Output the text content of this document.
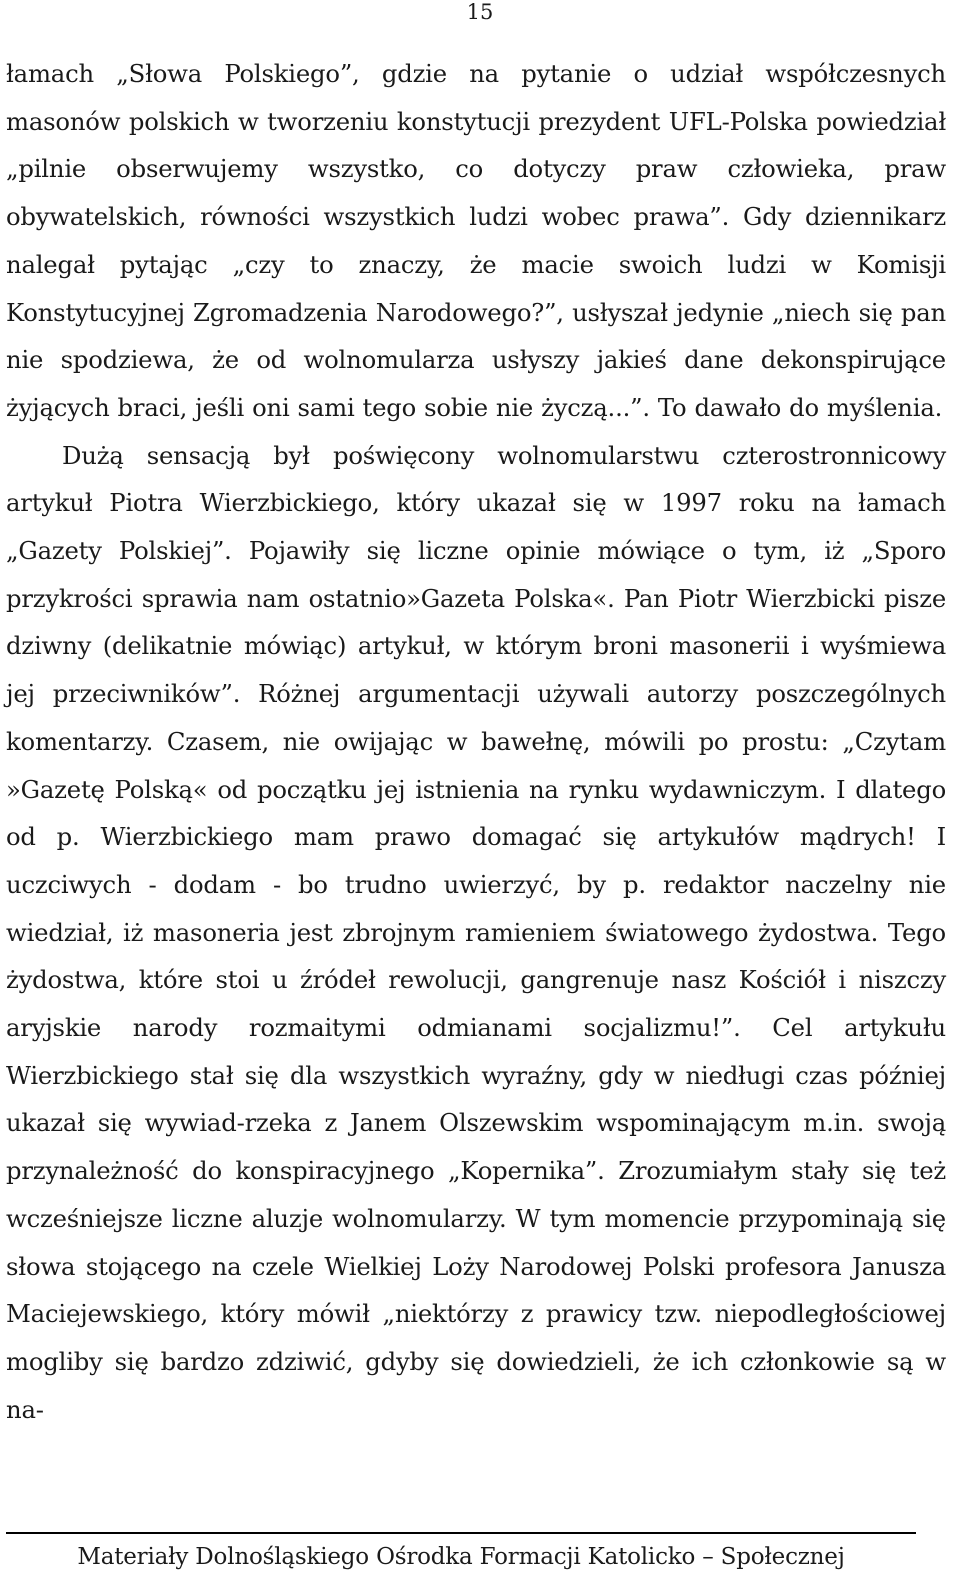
15

łamach „Słowa Polskiego”, gdzie na pytanie o udział współczesnych masonów polskich w tworzeniu konstytucji prezydent UFL-Polska powiedział „pilnie obserwujemy wszystko, co dotyczy praw człowieka, praw obywatelskich, równości wszystkich ludzi wobec prawa”. Gdy dziennikarz nalegał pytając „czy to znaczy, że macie swoich ludzi w Komisji Konstytucyjnej Zgromadzenia Narodowego?”, usłyszał jedynie „niech się pan nie spodziewa, że od wolnomularza usłyszy jakieś dane dekonspirujące żyjących braci, jeśli oni sami tego sobie nie życzą...”. To dawało do myślenia.

Dużą sensacją był poświęcony wolnomularstwu czterostronnicowy artykuł Piotra Wierzbickiego, który ukazał się w 1997 roku na łamach „Gazety Polskiej”. Pojawiły się liczne opinie mówiące o tym, iż „Sporo przykrości sprawia nam ostatnio»Gazeta Polska«. Pan Piotr Wierzbicki pisze dziwny (delikatnie mówiąc) artykuł, w którym broni masonerii i wyśmiewa jej przeciwników”. Różnej argumentacji używali autorzy poszczególnych komentarzy. Czasem, nie owijając w bawełnę, mówili po prostu: „Czytam »Gazetę Polską« od początku jej istnienia na rynku wydawniczym. I dlatego od p. Wierzbickiego mam prawo domagać się artykułów mądrych! I uczciwych - dodam - bo trudno uwierzyć, by p. redaktor naczelny nie wiedział, iż masoneria jest zbrojnym ramieniem światowego żydostwa. Tego żydostwa, które stoi u źródeł rewolucji, gangrenuje nasz Kościół i niszczy aryjskie narody rozmaitymi odmianami socjalizmu!”. Cel artykułu Wierzbickiego stał się dla wszystkich wyraźny, gdy w niedługi czas później ukazał się wywiad-rzeka z Janem Olszewskim wspominającym m.in. swoją przynależność do konspiracyjnego „Kopernika”. Zrozumiałym stały się też wcześniejsze liczne aluzje wolnomularzy. W tym momencie przypominają się słowa stojącego na czele Wielkiej Loży Narodowej Polski profesora Janusza Maciejewskiego, który mówił „niektórzy z prawicy tzw. niepodległościowej mogliby się bardzo zdziwić, gdyby się dowiedzieli, że ich członkowie są w na-

Materiały Dolnośląskiego Ośrodka Formacji Katolicko – Społecznej
